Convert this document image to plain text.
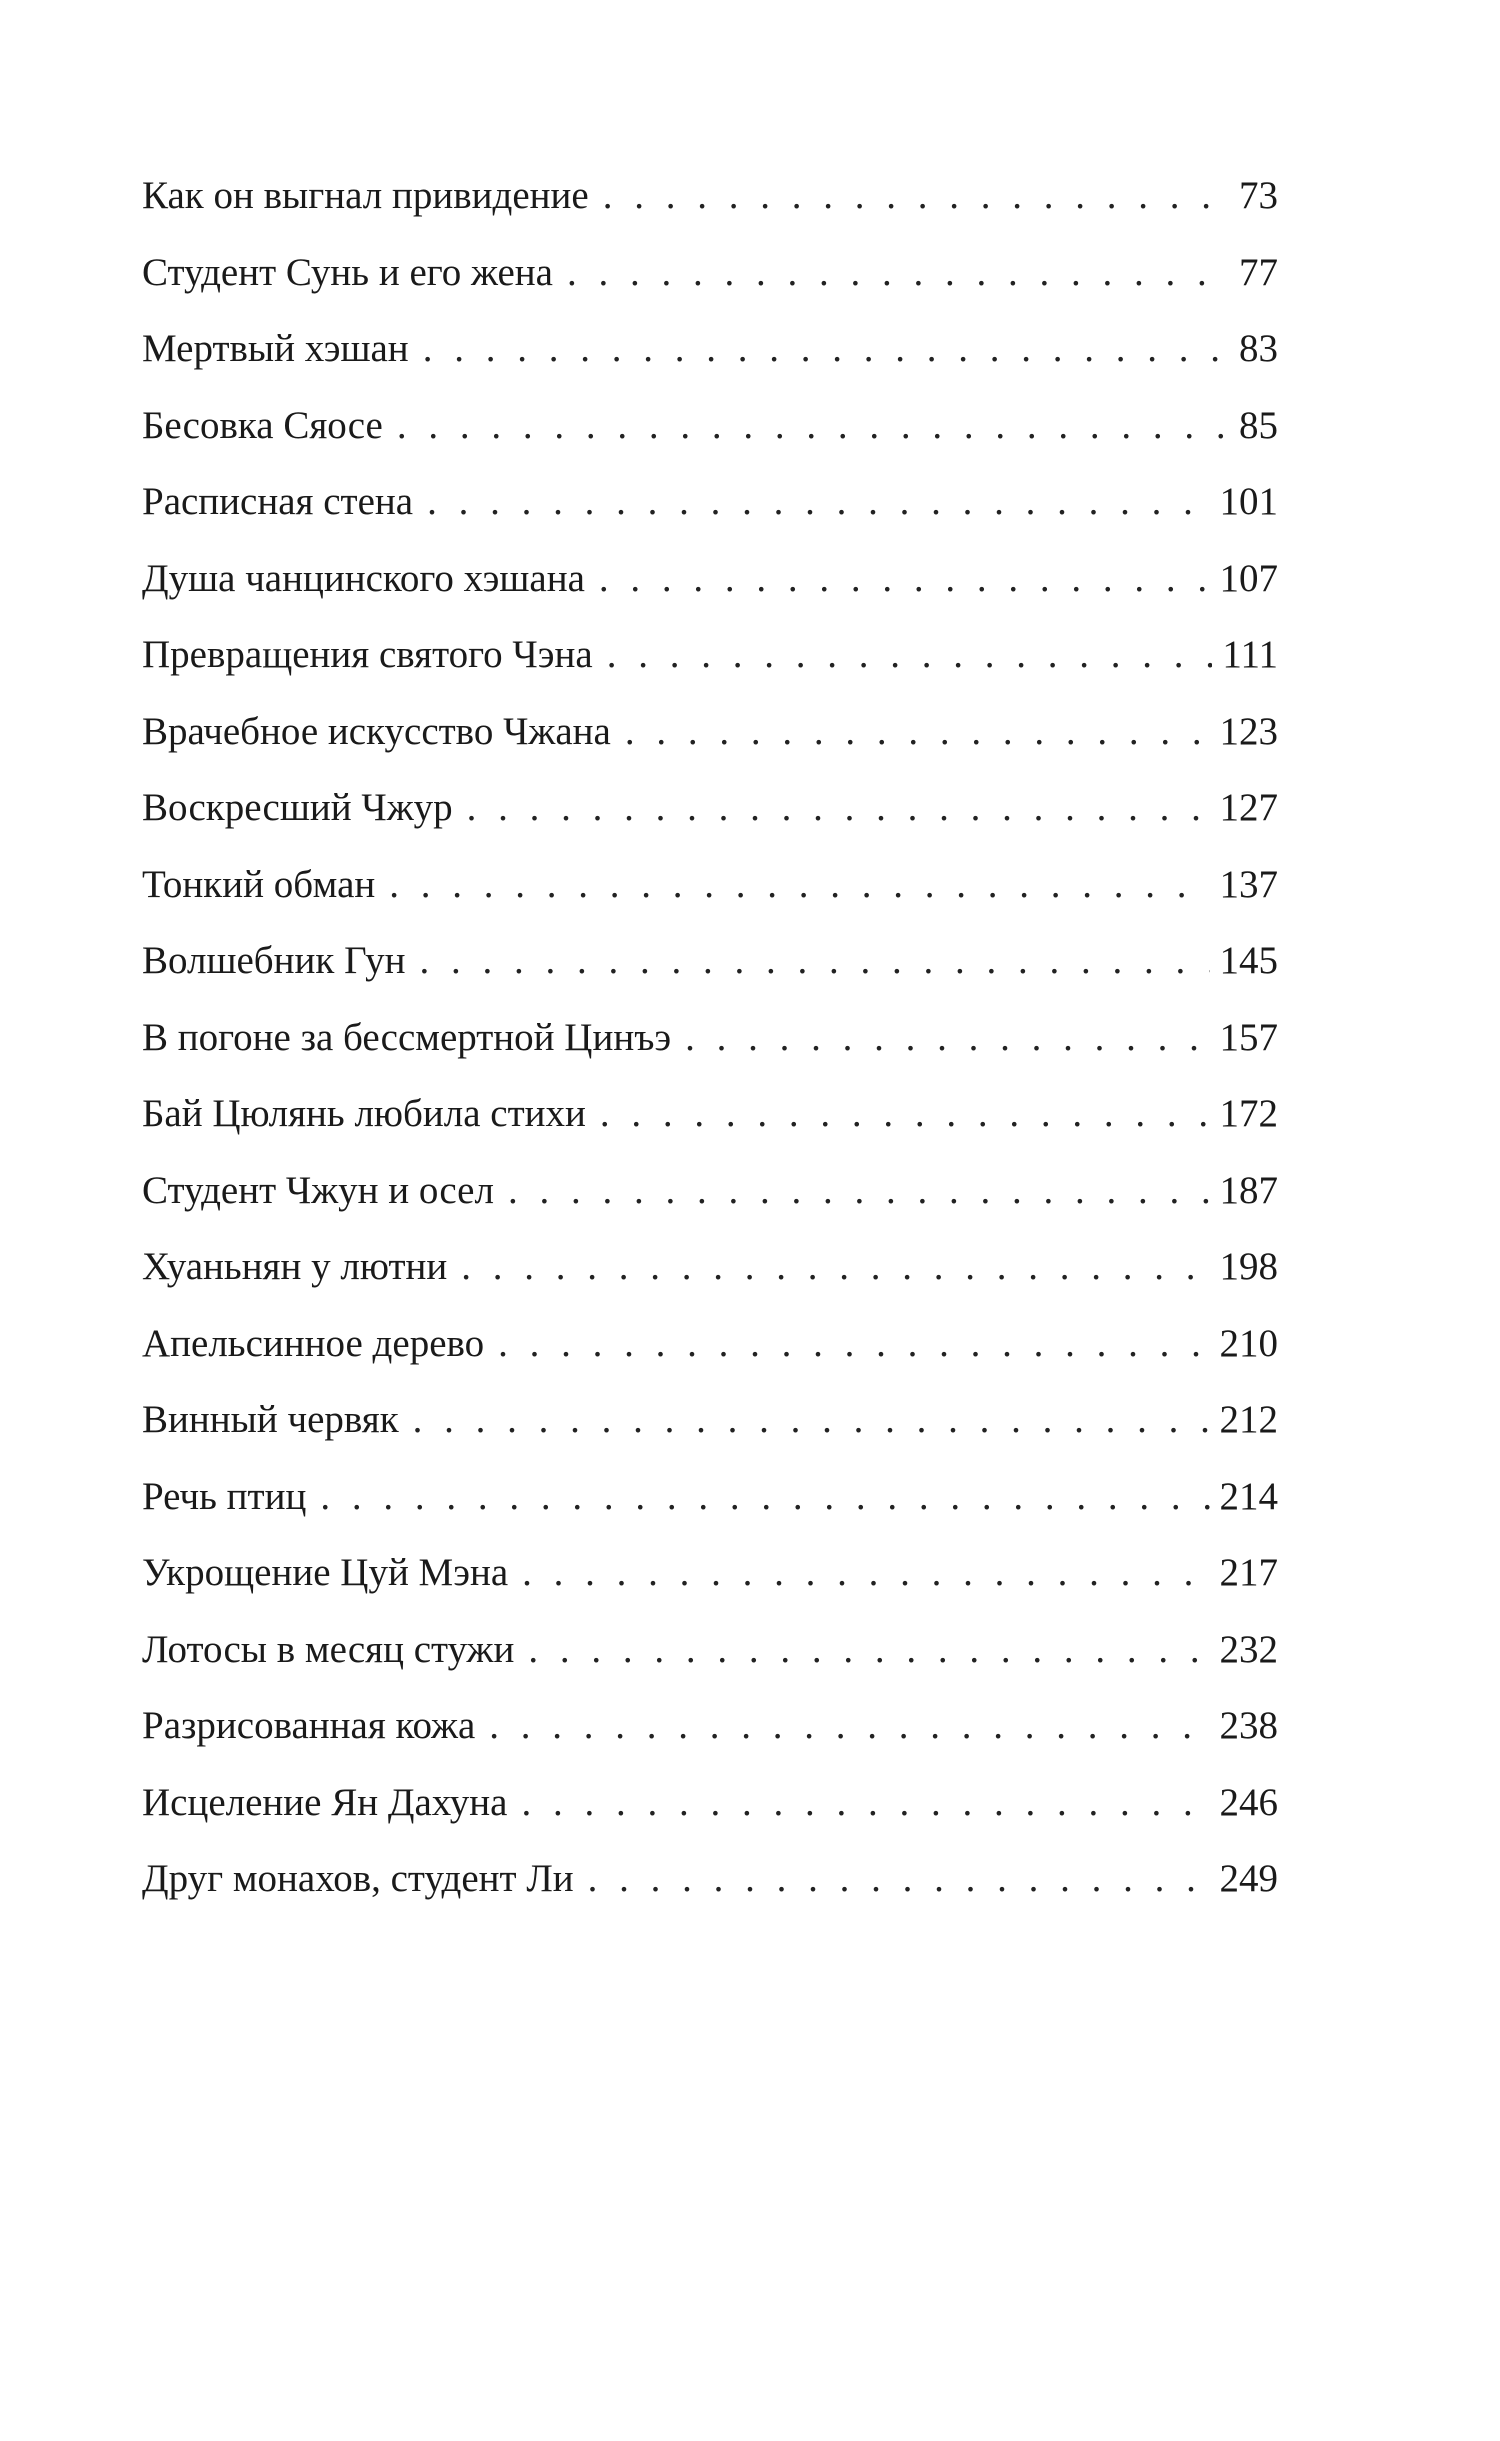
Как он выгнал привидение . . .	73
Студент Сунь и его жена . . .	77
Мертвый хэшан . . .	83
Бесовка Сяосе . . .	85
Расписная стена . . .	101
Душа чанцинского хэшана . . .	107
Превращения святого Чэна . . .	111
Врачебное искусство Чжана . . .	123
Воскресший Чжур . . .	127
Тонкий обман . . .	137
Волшебник Гун . . .	145
В погоне за бессмертной Цинъэ . . .	157
Бай Цюлянь любила стихи . . .	172
Студент Чжун и осел . . .	187
Хуаньнян у лютни . . .	198
Апельсинное дерево . . .	210
Винный червяк . . .	212
Речь птиц . . .	214
Укрощение Цуй Мэна . . .	217
Лотосы в месяц стужи . . .	232
Разрисованная кожа . . .	238
Исцеление Ян Дахуна . . .	246
Друг монахов, студент Ли . . .	249
